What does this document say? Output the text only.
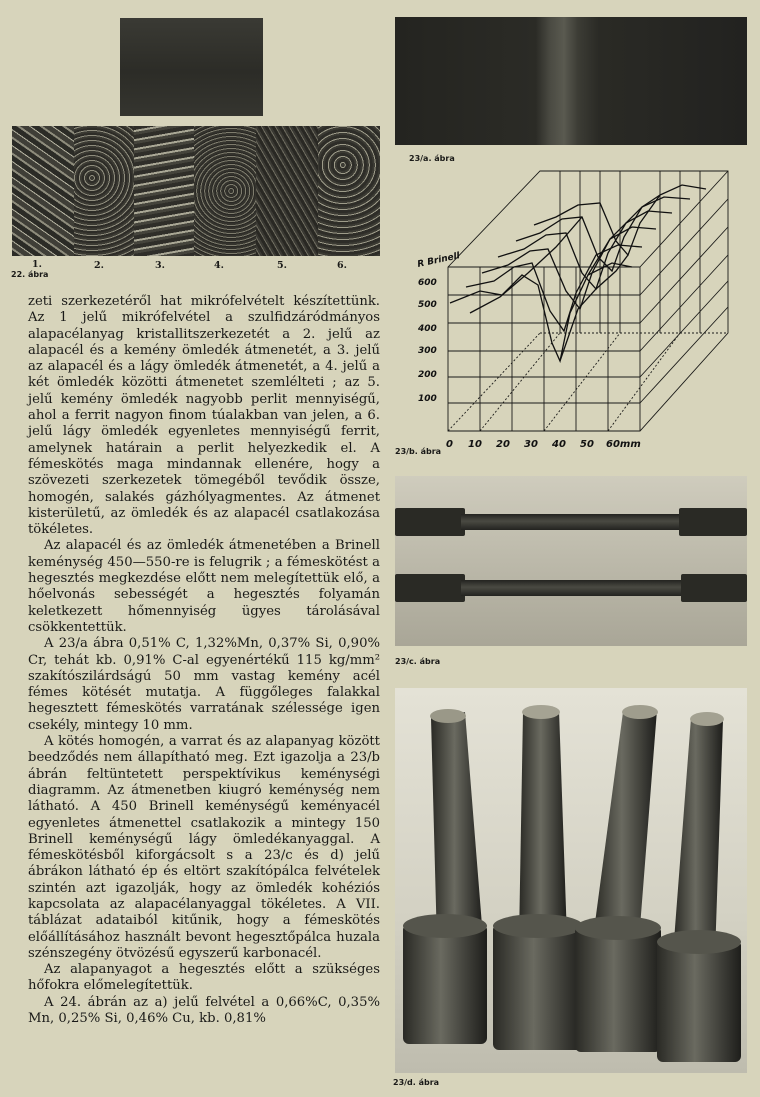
1.	2.	3.	4.	5.	6.
22. ábra
23/a. ábra
R Brinell
600
500
400
300
200
100
0 10 20 30 40 50 60mm
23/b. ábra
23/c. ábra
23/d. ábra

zeti szerkezetéről hat mikrófelvételt készítettünk. Az 1 jelű mikrófelvétel a szulfidzáródmányos alapacélanyag kristallitszerkezetét a 2. jelű az alapacél és a kemény ömledék átmenetét, a 3. jelű az alapacél és a lágy ömledék átmenetét, a 4. jelű a két ömledék közötti átmenetet szemlélteti ; az 5. jelű kemény ömledék nagyobb perlit mennyiségű, ahol a ferrit nagyon finom túalakban van jelen, a 6. jelű lágy ömledék egyenletes mennyiségű ferrit, amelynek határain a perlit helyezkedik el. A fémeskötés maga mindannak ellenére, hogy a szövezeti szerkezetek tömegéből tevődik össze, homogén, salakés gázhólyagmentes. Az átmenet kisterületű, az ömledék és az alapacél csatlakozása tökéletes.

Az alapacél és az ömledék átmenetében a Brinell keménység 450—550-re is felugrik ; a fémeskötést a hegesztés megkezdése előtt nem melegítettük elő, a hőelvonás sebességét a hegesztés folyamán keletkezett hőmennyiség ügyes tárolásával csökkentettük.

A 23/a ábra 0,51% C, 1,32%Mn, 0,37% Si, 0,90% Cr, tehát kb. 0,91% C-al egyenértékű 115 kg/mm² szakítószilárdságú 50 mm vastag kemény acél fémes kötését mutatja. A függőleges falakkal hegesztett fémeskötés varratának szélessége igen csekély, mintegy 10 mm.

A kötés homogén, a varrat és az alapanyag között beedződés nem állapítható meg. Ezt igazolja a 23/b ábrán feltüntetett perspektívikus keménységi diagramm. Az átmenetben kiugró keménység nem látható. A 450 Brinell keménységű keményacél egyenletes átmenettel csatlakozik a mintegy 150 Brinell keménységű lágy ömledékanyaggal. A fémeskötésből kiforgácsolt s a 23/c és d) jelű ábrákon látható ép és eltört szakítópálca felvételek szintén azt igazolják, hogy az ömledék kohéziós kapcsolata az alapacélanyaggal tökéletes. A VII. táblázat adataiból kitűnik, hogy a fémeskötés előállításához használt bevont hegesztőpálca huzala szénszegény ötvözésű egyszerű karbonacél.

Az alapanyagot a hegesztés előtt a szükséges hőfokra előmelegítettük.

A 24. ábrán az a) jelű felvétel a 0,66%C, 0,35% Mn, 0,25% Si, 0,46% Cu, kb. 0,81%
